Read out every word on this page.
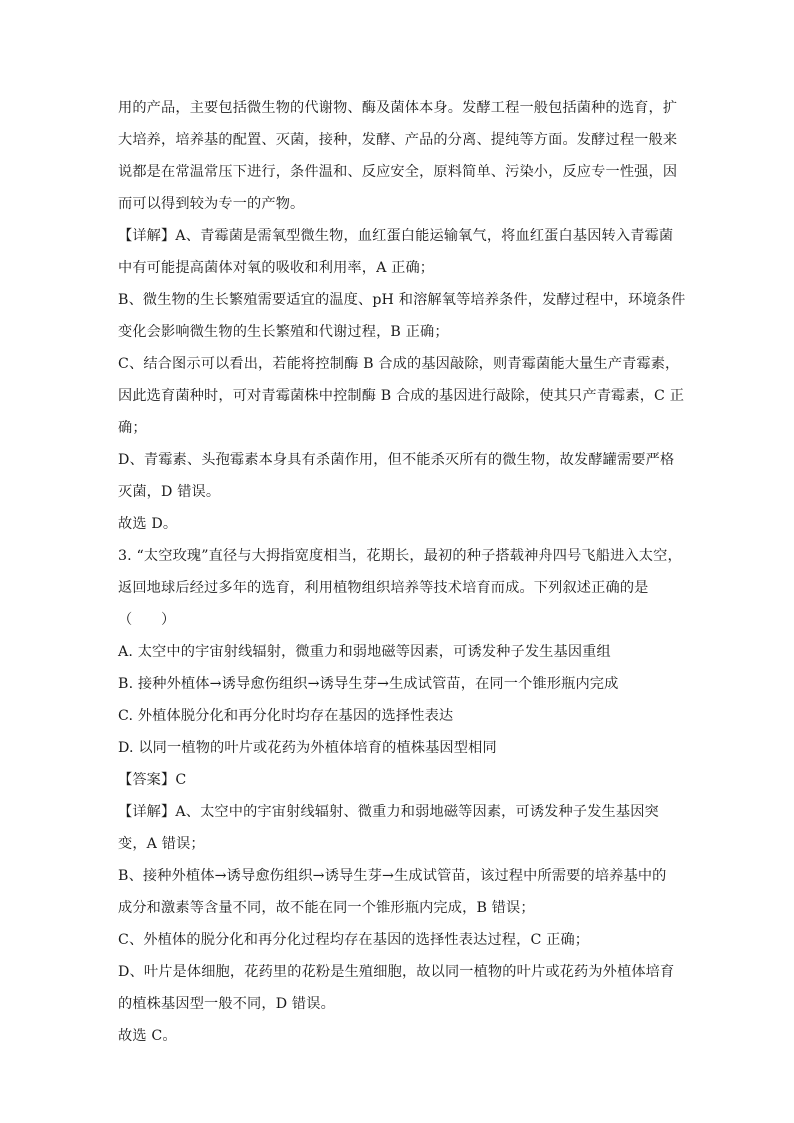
用的产品，主要包括微生物的代谢物、酶及菌体本身。发酵工程一般包括菌种的选育，扩
大培养，培养基的配置、灭菌，接种，发酵、产品的分离、提纯等方面。发酵过程一般来
说都是在常温常压下进行，条件温和、反应安全，原料简单、污染小，反应专一性强，因
而可以得到较为专一的产物。
【详解】A、青霉菌是需氧型微生物，血红蛋白能运输氧气，将血红蛋白基因转入青霉菌
中有可能提高菌体对氧的吸收和利用率，A 正确；
B、微生物的生长繁殖需要适宜的温度、pH 和溶解氧等培养条件，发酵过程中，环境条件
变化会影响微生物的生长繁殖和代谢过程，B 正确；
C、结合图示可以看出，若能将控制酶 B 合成的基因敲除，则青霉菌能大量生产青霉素，
因此选育菌种时，可对青霉菌株中控制酶 B 合成的基因进行敲除，使其只产青霉素，C 正
确；
D、青霉素、头孢霉素本身具有杀菌作用，但不能杀灭所有的微生物，故发酵罐需要严格
灭菌，D 错误。
故选 D。
3. “太空玫瑰”直径与大拇指宽度相当，花期长，最初的种子搭载神舟四号飞船进入太空，
返回地球后经过多年的选育，利用植物组织培养等技术培育而成。下列叙述正确的是
（　　）
A. 太空中的宇宙射线辐射，微重力和弱地磁等因素，可诱发种子发生基因重组
B. 接种外植体→诱导愈伤组织→诱导生芽→生成试管苗，在同一个锥形瓶内完成
C. 外植体脱分化和再分化时均存在基因的选择性表达
D. 以同一植物的叶片或花药为外植体培育的植株基因型相同
【答案】C
【详解】A、太空中的宇宙射线辐射、微重力和弱地磁等因素，可诱发种子发生基因突
变，A 错误；
B、接种外植体→诱导愈伤组织→诱导生芽→生成试管苗，该过程中所需要的培养基中的
成分和激素等含量不同，故不能在同一个锥形瓶内完成，B 错误；
C、外植体的脱分化和再分化过程均存在基因的选择性表达过程，C 正确；
D、叶片是体细胞，花药里的花粉是生殖细胞，故以同一植物的叶片或花药为外植体培育
的植株基因型一般不同，D 错误。
故选 C。
